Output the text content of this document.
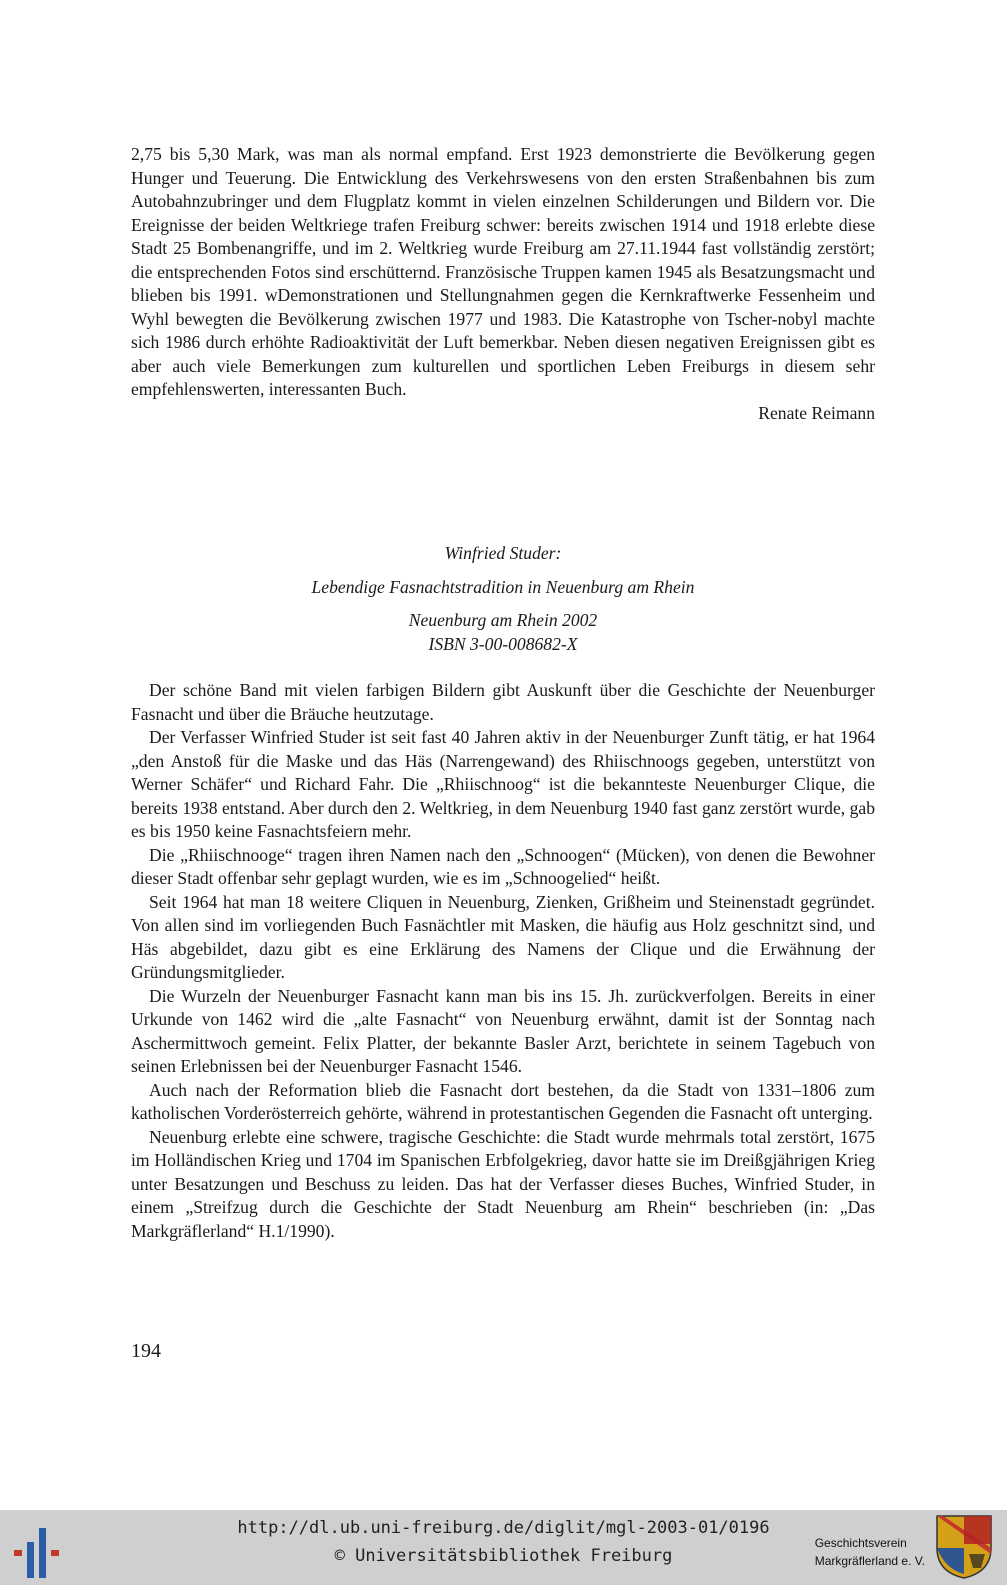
2,75 bis 5,30 Mark, was man als normal empfand. Erst 1923 demonstrierte die Bevölkerung gegen Hunger und Teuerung. Die Entwicklung des Verkehrswesens von den ersten Straßenbahnen bis zum Autobahnzubringer und dem Flugplatz kommt in vielen einzelnen Schilderungen und Bildern vor. Die Ereignisse der beiden Weltkriege trafen Freiburg schwer: bereits zwischen 1914 und 1918 erlebte diese Stadt 25 Bombenangriffe, und im 2. Weltkrieg wurde Freiburg am 27.11.1944 fast vollständig zerstört; die entsprechenden Fotos sind erschütternd. Französische Truppen kamen 1945 als Besatzungsmacht und blieben bis 1991. wDemonstrationen und Stellungnahmen gegen die Kernkraftwerke Fessenheim und Wyhl bewegten die Bevölkerung zwischen 1977 und 1983. Die Katastrophe von Tscher-nobyl machte sich 1986 durch erhöhte Radioaktivität der Luft bemerkbar. Neben diesen negativen Ereignissen gibt es aber auch viele Bemerkungen zum kulturellen und sportlichen Leben Freiburgs in diesem sehr empfehlenswerten, interessanten Buch.

Renate Reimann

Winfried Studer:
Lebendige Fasnachtstradition in Neuenburg am Rhein
Neuenburg am Rhein 2002
ISBN 3-00-008682-X

Der schöne Band mit vielen farbigen Bildern gibt Auskunft über die Geschichte der Neuenburger Fasnacht und über die Bräuche heutzutage.

Der Verfasser Winfried Studer ist seit fast 40 Jahren aktiv in der Neuenburger Zunft tätig, er hat 1964 „den Anstoß für die Maske und das Häs (Narrengewand) des Rhiischnoogs gegeben, unterstützt von Werner Schäfer“ und Richard Fahr. Die „Rhiischnoog“ ist die bekannteste Neuenburger Clique, die bereits 1938 entstand. Aber durch den 2. Weltkrieg, in dem Neuenburg 1940 fast ganz zerstört wurde, gab es bis 1950 keine Fasnachtsfeiern mehr.

Die „Rhiischnooge“ tragen ihren Namen nach den „Schnoogen“ (Mücken), von denen die Bewohner dieser Stadt offenbar sehr geplagt wurden, wie es im „Schnoogelied“ heißt.

Seit 1964 hat man 18 weitere Cliquen in Neuenburg, Zienken, Grißheim und Steinenstadt gegründet. Von allen sind im vorliegenden Buch Fasnächtler mit Masken, die häufig aus Holz geschnitzt sind, und Häs abgebildet, dazu gibt es eine Erklärung des Namens der Clique und die Erwähnung der Gründungsmitglieder.

Die Wurzeln der Neuenburger Fasnacht kann man bis ins 15. Jh. zurückverfolgen. Bereits in einer Urkunde von 1462 wird die „alte Fasnacht“ von Neuenburg erwähnt, damit ist der Sonntag nach Aschermittwoch gemeint. Felix Platter, der bekannte Basler Arzt, berichtete in seinem Tagebuch von seinen Erlebnissen bei der Neuenburger Fasnacht 1546.

Auch nach der Reformation blieb die Fasnacht dort bestehen, da die Stadt von 1331–1806 zum katholischen Vorderösterreich gehörte, während in protestantischen Gegenden die Fasnacht oft unterging.

Neuenburg erlebte eine schwere, tragische Geschichte: die Stadt wurde mehrmals total zerstört, 1675 im Holländischen Krieg und 1704 im Spanischen Erbfolgekrieg, davor hatte sie im Dreißgjährigen Krieg unter Besatzungen und Beschuss zu leiden. Das hat der Verfasser dieses Buches, Winfried Studer, in einem „Streifzug durch die Geschichte der Stadt Neuenburg am Rhein“ beschrieben (in: „Das Markgräflerland“ H.1/1990).

194
http://dl.ub.uni-freiburg.de/diglit/mgl-2003-01/0196
© Universitätsbibliothek Freiburg
Geschichtsverein
Markgräflerland e. V.
